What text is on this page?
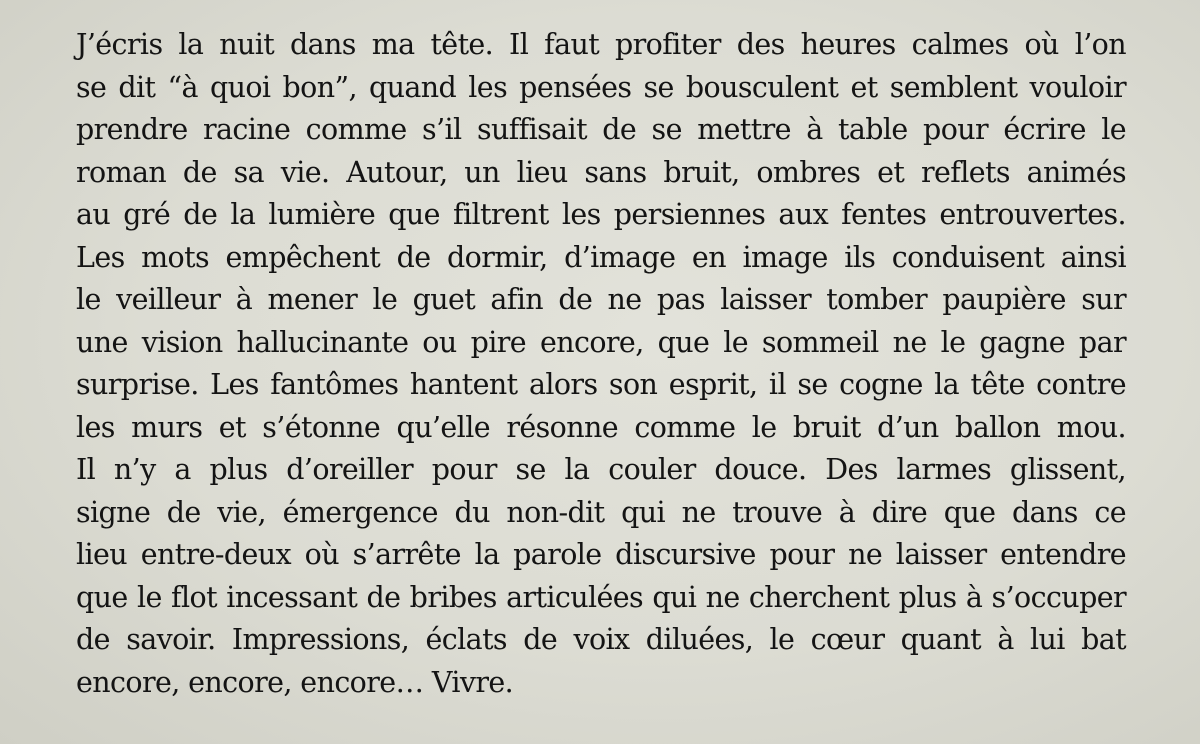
J’écris la nuit dans ma tête. Il faut profiter des heures calmes où l’on
se dit “à quoi bon”, quand les pensées se bousculent et semblent vouloir
prendre racine comme s’il suffisait de se mettre à table pour écrire le
roman de sa vie. Autour, un lieu sans bruit, ombres et reflets animés
au gré de la lumière que filtrent les persiennes aux fentes entrouvertes.
Les mots empêchent de dormir, d’image en image ils conduisent ainsi
le veilleur à mener le guet afin de ne pas laisser tomber paupière sur
une vision hallucinante ou pire encore, que le sommeil ne le gagne par
surprise. Les fantômes hantent alors son esprit, il se cogne la tête contre
les murs et s’étonne qu’elle résonne comme le bruit d’un ballon mou.
Il n’y a plus d’oreiller pour se la couler douce. Des larmes glissent,
signe de vie, émergence du non-dit qui ne trouve à dire que dans ce
lieu entre-deux où s’arrête la parole discursive pour ne laisser entendre
que le flot incessant de bribes articulées qui ne cherchent plus à s’occuper
de savoir. Impressions, éclats de voix diluées, le cœur quant à lui bat
encore, encore, encore… Vivre.
